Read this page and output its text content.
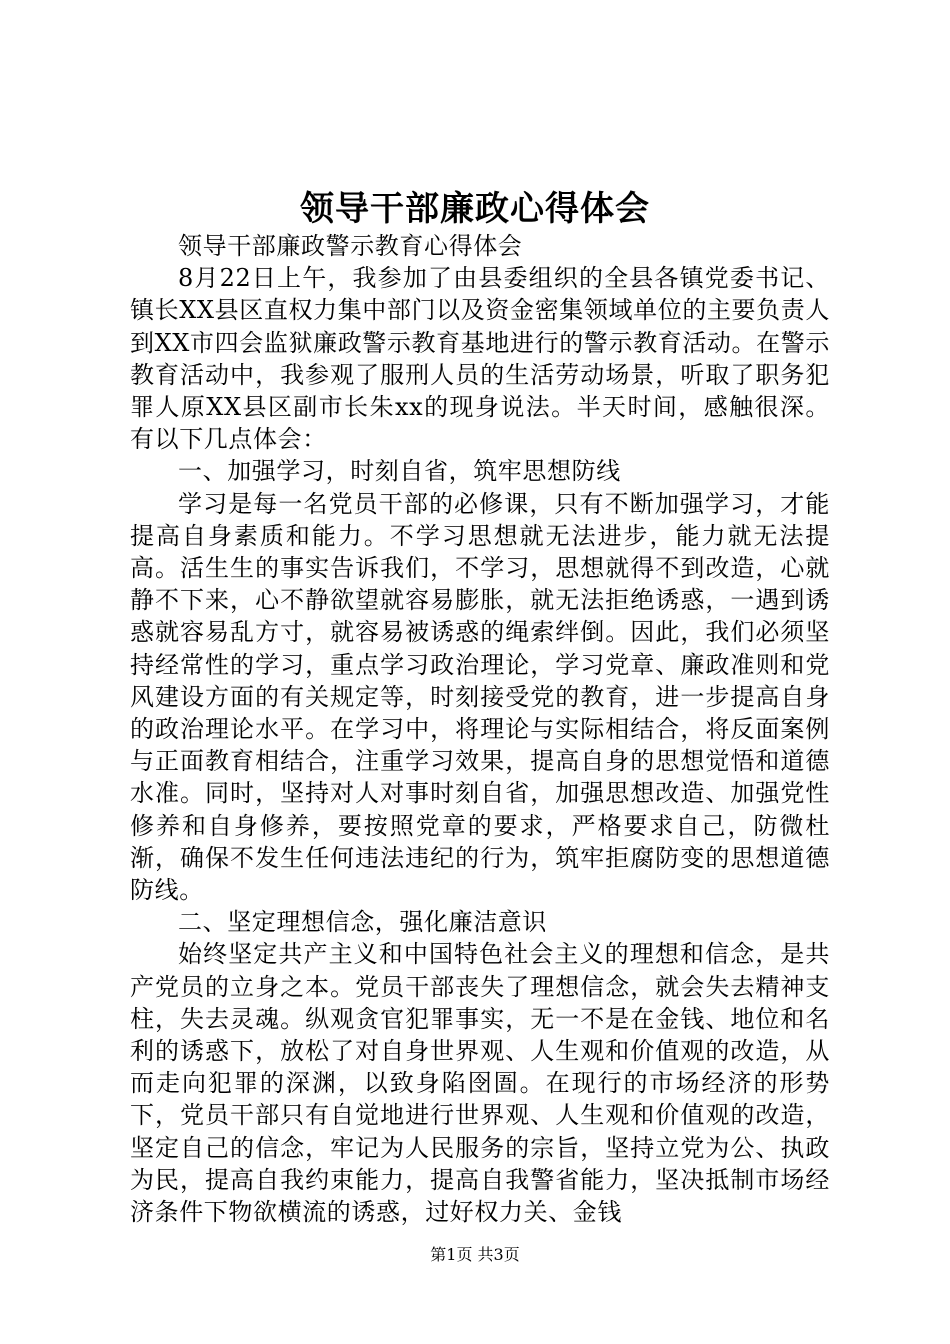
领导干部廉政心得体会

领导干部廉政警示教育心得体会

8月22日上午，我参加了由县委组织的全县各镇党委书记、镇长XX县区直权力集中部门以及资金密集领域单位的主要负责人到XX市四会监狱廉政警示教育基地进行的警示教育活动。在警示教育活动中，我参观了服刑人员的生活劳动场景，听取了职务犯罪人原XX县区副市长朱xx的现身说法。半天时间，感触很深。有以下几点体会：

一、加强学习，时刻自省，筑牢思想防线

学习是每一名党员干部的必修课，只有不断加强学习，才能提高自身素质和能力。不学习思想就无法进步，能力就无法提高。活生生的事实告诉我们，不学习，思想就得不到改造，心就静不下来，心不静欲望就容易膨胀，就无法拒绝诱惑，一遇到诱惑就容易乱方寸，就容易被诱惑的绳索绊倒。因此，我们必须坚持经常性的学习，重点学习政治理论，学习党章、廉政准则和党风建设方面的有关规定等，时刻接受党的教育，进一步提高自身的政治理论水平。在学习中，将理论与实际相结合，将反面案例与正面教育相结合，注重学习效果，提高自身的思想觉悟和道德水准。同时，坚持对人对事时刻自省，加强思想改造、加强党性修养和自身修养，要按照党章的要求，严格要求自己，防微杜渐，确保不发生任何违法违纪的行为，筑牢拒腐防变的思想道德防线。

二、坚定理想信念，强化廉洁意识

始终坚定共产主义和中国特色社会主义的理想和信念，是共产党员的立身之本。党员干部丧失了理想信念，就会失去精神支柱，失去灵魂。纵观贪官犯罪事实，无一不是在金钱、地位和名利的诱惑下，放松了对自身世界观、人生观和价值观的改造，从而走向犯罪的深渊，以致身陷囹圄。在现行的市场经济的形势下，党员干部只有自觉地进行世界观、人生观和价值观的改造，坚定自己的信念，牢记为人民服务的宗旨，坚持立党为公、执政为民，提高自我约束能力，提高自我警省能力，坚决抵制市场经济条件下物欲横流的诱惑，过好权力关、金钱

第1页 共3页
